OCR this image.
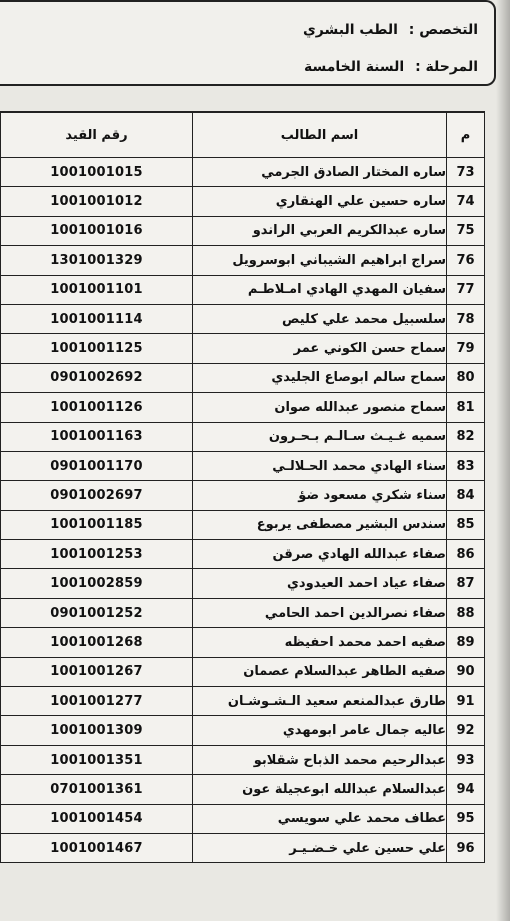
التخصص : الطب البشري
المرحلة : السنة الخامسة
م	اسم الطالب	رقم القيد
73	ساره المختار الصادق الجرمي	1001001015
74	ساره حسين علي الهنقاري	1001001012
75	ساره عبدالكريم العربي الراندو	1001001016
76	سراج ابراهيم الشيباني ابوسرويل	1301001329
77	سفيان المهدي الهادي امـلاطـم	1001001101
78	سلسبيل محمد علي كليص	1001001114
79	سماح حسن الكوني عمر	1001001125
80	سماح سالم ابوصاع الجليدي	0901002692
81	سماح منصور عبدالله صوان	1001001126
82	سميه غـيـث سـالـم بـحـرون	1001001163
83	سناء الهادي محمد الحـلالـي	0901001170
84	سناء شكري مسعود ضؤ	0901002697
85	سندس البشير مصطفى يربوع	1001001185
86	صفاء عبدالله الهادي صرقن	1001001253
87	صفاء عياد احمد العيدودي	1001002859
88	صفاء نصرالدين احمد الحامي	0901001252
89	صفيه احمد محمد احفيظه	1001001268
90	صفيه الطاهر عبدالسلام عصمان	1001001267
91	طارق عبدالمنعم سعيد الـشـوشـان	1001001277
92	عاليه جمال عامر ابومهدي	1001001309
93	عبدالرحيم محمد الذباح شقلابو	1001001351
94	عبدالسلام عبدالله ابوعجيلة عون	0701001361
95	عطاف محمد علي سويسي	1001001454
96	علي حسين علي خـضـيـر	1001001467
